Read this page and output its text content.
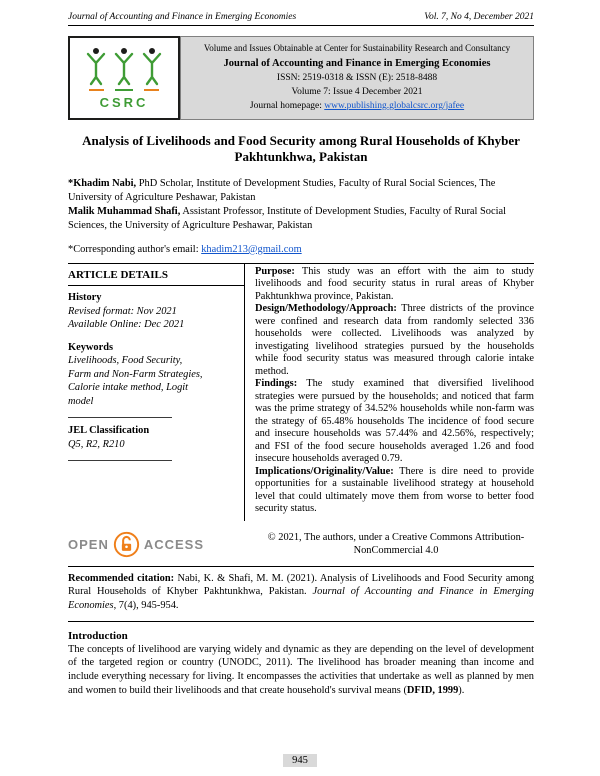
Journal of Accounting and Finance in Emerging Economies	Vol. 7, No 4, December 2021
CSRC
Volume and Issues Obtainable at Center for Sustainability Research and Consultancy
Journal of Accounting and Finance in Emerging Economies
ISSN: 2519-0318 & ISSN (E): 2518-8488
Volume 7: Issue 4 December 2021
Journal homepage: www.publishing.globalcsrc.org/jafee
Analysis of Livelihoods and Food Security among Rural Households of Khyber Pakhtunkhwa, Pakistan
*Khadim Nabi, PhD Scholar, Institute of Development Studies, Faculty of Rural Social Sciences, The University of Agriculture Peshawar, Pakistan
Malik Muhammad Shafi, Assistant Professor, Institute of Development Studies, Faculty of Rural Social Sciences, the University of Agriculture Peshawar, Pakistan
*Corresponding author's email: khadim213@gmail.com
ARTICLE DETAILS
History
Revised format: Nov 2021
Available Online: Dec 2021
Keywords
Livelihoods, Food Security, Farm and Non-Farm Strategies, Calorie intake method, Logit model
JEL Classification
Q5, R2, R210

Purpose: This study was an effort with the aim to study livelihoods and food security status in rural areas of Khyber Pakhtunkhwa province, Pakistan.

Design/Methodology/Approach: Three districts of the province were confined and research data from randomly selected 336 households were collected. Livelihoods was analyzed by investigating livelihood strategies pursued by the households while food security status was measured through calorie intake method.

Findings: The study examined that diversified livelihood strategies were pursued by the households; and noticed that farm was the prime strategy of 34.52% households while non-farm was the strategy of 65.48% households The incidence of food secure and insecure households was 57.44% and 42.56%, respectively; and FSI of the food secure households averaged 1.26 and food insecure households averaged 0.79.

Implications/Originality/Value: There is dire need to provide opportunities for a sustainable livelihood strategy at household level that could ultimately move them from worse to better food security status.

OPEN	ACCESS	© 2021, The authors, under a Creative Commons Attribution-NonCommercial 4.0

Recommended citation: Nabi, K. & Shafi, M. M. (2021). Analysis of Livelihoods and Food Security among Rural Households of Khyber Pakhtunkhwa, Pakistan. Journal of Accounting and Finance in Emerging Economies, 7(4), 945-954.

Introduction

The concepts of livelihood are varying widely and dynamic as they are depending on the level of development of the targeted region or country (UNODC, 2011). The livelihood has broader meaning than income and include everything necessary for living. It encompasses the activities that undertake as well as planned by men and women to build their livelihoods and that create household's survival means (DFID, 1999).

945
